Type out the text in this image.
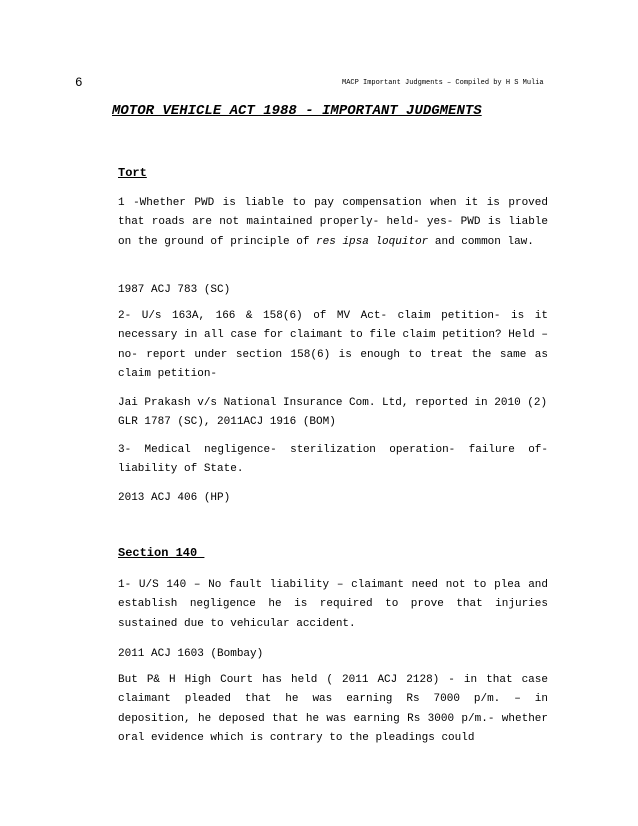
6	MACP Important Judgments – Compiled by H S Mulia
MOTOR VEHICLE ACT 1988 - IMPORTANT JUDGMENTS
Tort

1 -Whether PWD is liable to pay compensation when it is proved that roads are not maintained properly- held- yes- PWD is liable on the ground of principle of res ipsa loquitor and common law.

1987 ACJ 783 (SC)

2- U/s 163A, 166 & 158(6) of MV Act- claim petition- is it necessary in all case for claimant to file claim petition? Held –no- report under section 158(6) is enough to treat the same as claim petition-

Jai Prakash v/s National Insurance Com. Ltd, reported in 2010 (2) GLR 1787 (SC), 2011ACJ 1916 (BOM)

3- Medical negligence- sterilization operation- failure of- liability of State.

2013 ACJ 406 (HP)

Section 140

1- U/S 140 – No fault liability – claimant need not to plea and establish negligence he is required to prove that injuries sustained due to vehicular accident.

2011 ACJ 1603 (Bombay)

But P& H High Court has held ( 2011 ACJ 2128) - in that case claimant pleaded that he was earning Rs 7000 p/m. – in deposition, he deposed that he was earning Rs 3000 p/m.- whether oral evidence which is contrary to the pleadings could
